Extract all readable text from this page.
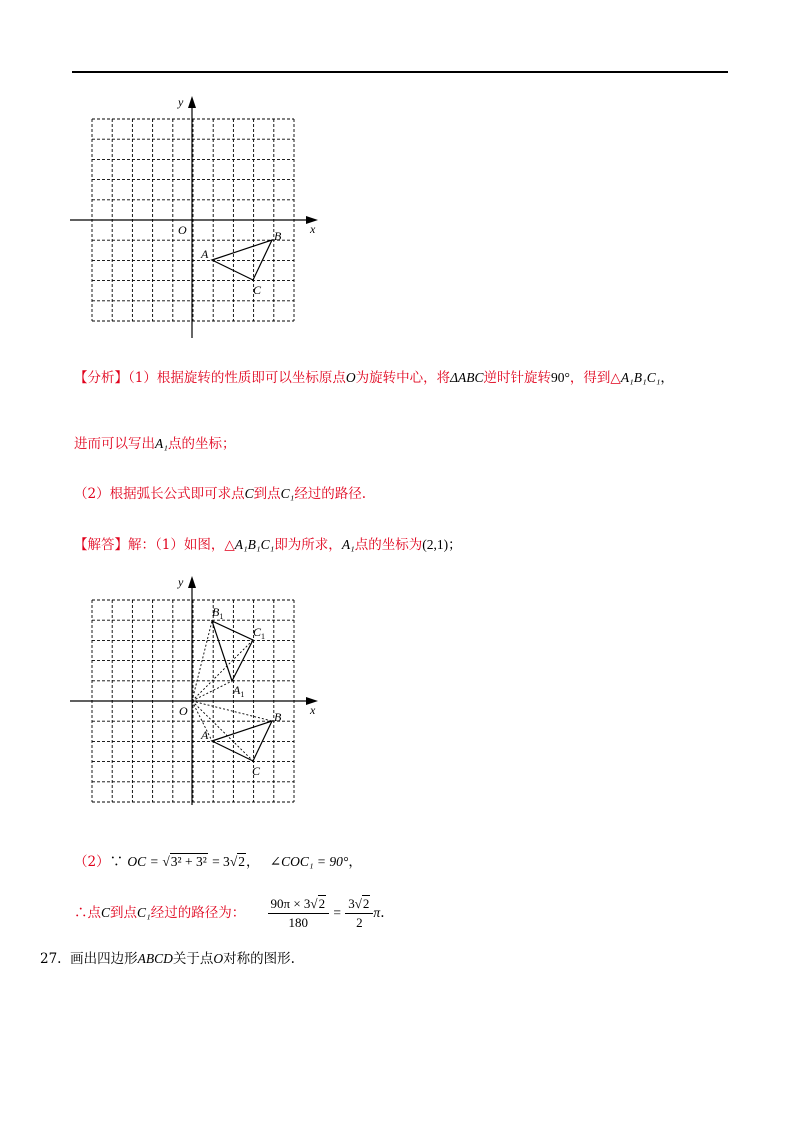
y
x
O
A
B
C
【分析】（1）根据旋转的性质即可以坐标原点O为旋转中心，将ΔABC逆时针旋转90°，得到△A₁B₁C₁，
进而可以写出A₁点的坐标；
（2）根据弧长公式即可求点C到点C₁经过的路径.
【解答】解：（1）如图，△A₁B₁C₁即为所求，A₁点的坐标为(2,1)；
y
x
O
A
B
C
$A_1$
$B_1$
$C_1$
（2）∵ OC = √3² + 3² = 3√2， ∠COC₁ = 90°，
∴点C到点C₁经过的路径为： $\frac{90\pi \times 3√2}{180} = \frac{3√2}{2} \pi$.
27. 画出四边形ABCD关于点O对称的图形.
